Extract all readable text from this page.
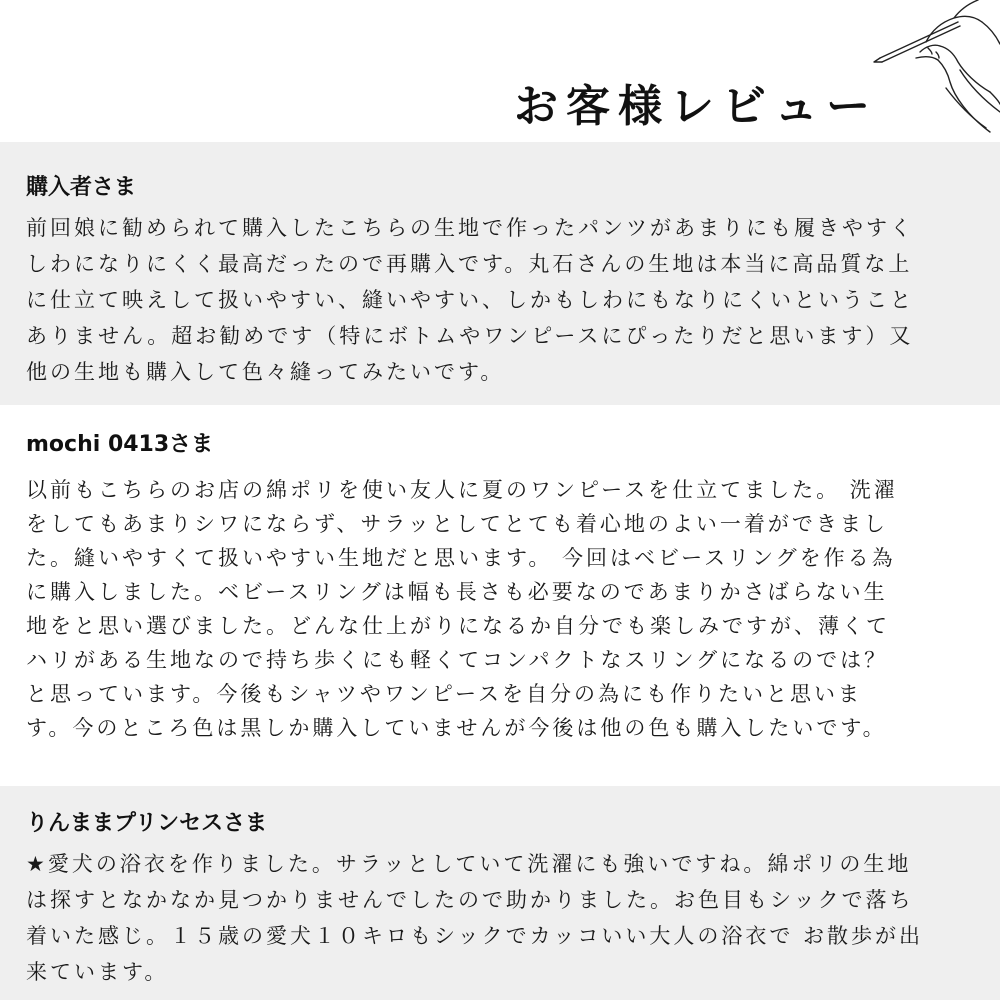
お客様レビュー
購入者さま
前回娘に勧められて購入したこちらの生地で作ったパンツがあまりにも履きやすく
しわになりにくく最高だったので再購入です。丸石さんの生地は本当に高品質な上
に仕立て映えして扱いやすい、縫いやすい、しかもしわにもなりにくいということ
ありません。超お勧めです（特にボトムやワンピースにぴったりだと思います）又
他の生地も購入して色々縫ってみたいです。
mochi 0413さま
以前もこちらのお店の綿ポリを使い友人に夏のワンピースを仕立てました。 洗濯
をしてもあまりシワにならず、サラッとしてとても着心地のよい一着ができまし
た。縫いやすくて扱いやすい生地だと思います。 今回はベビースリングを作る為
に購入しました。ベビースリングは幅も長さも必要なのであまりかさばらない生
地をと思い選びました。どんな仕上がりになるか自分でも楽しみですが、薄くて
ハリがある生地なので持ち歩くにも軽くてコンパクトなスリングになるのでは？
と思っています。今後もシャツやワンピースを自分の為にも作りたいと思いま
す。今のところ色は黒しか購入していませんが今後は他の色も購入したいです。
りんままプリンセスさま
★愛犬の浴衣を作りました。サラッとしていて洗濯にも強いですね。綿ポリの生地
は探すとなかなか見つかりませんでしたので助かりました。お色目もシックで落ち
着いた感じ。１５歳の愛犬１０キロもシックでカッコいい大人の浴衣で お散歩が出
来ています。
